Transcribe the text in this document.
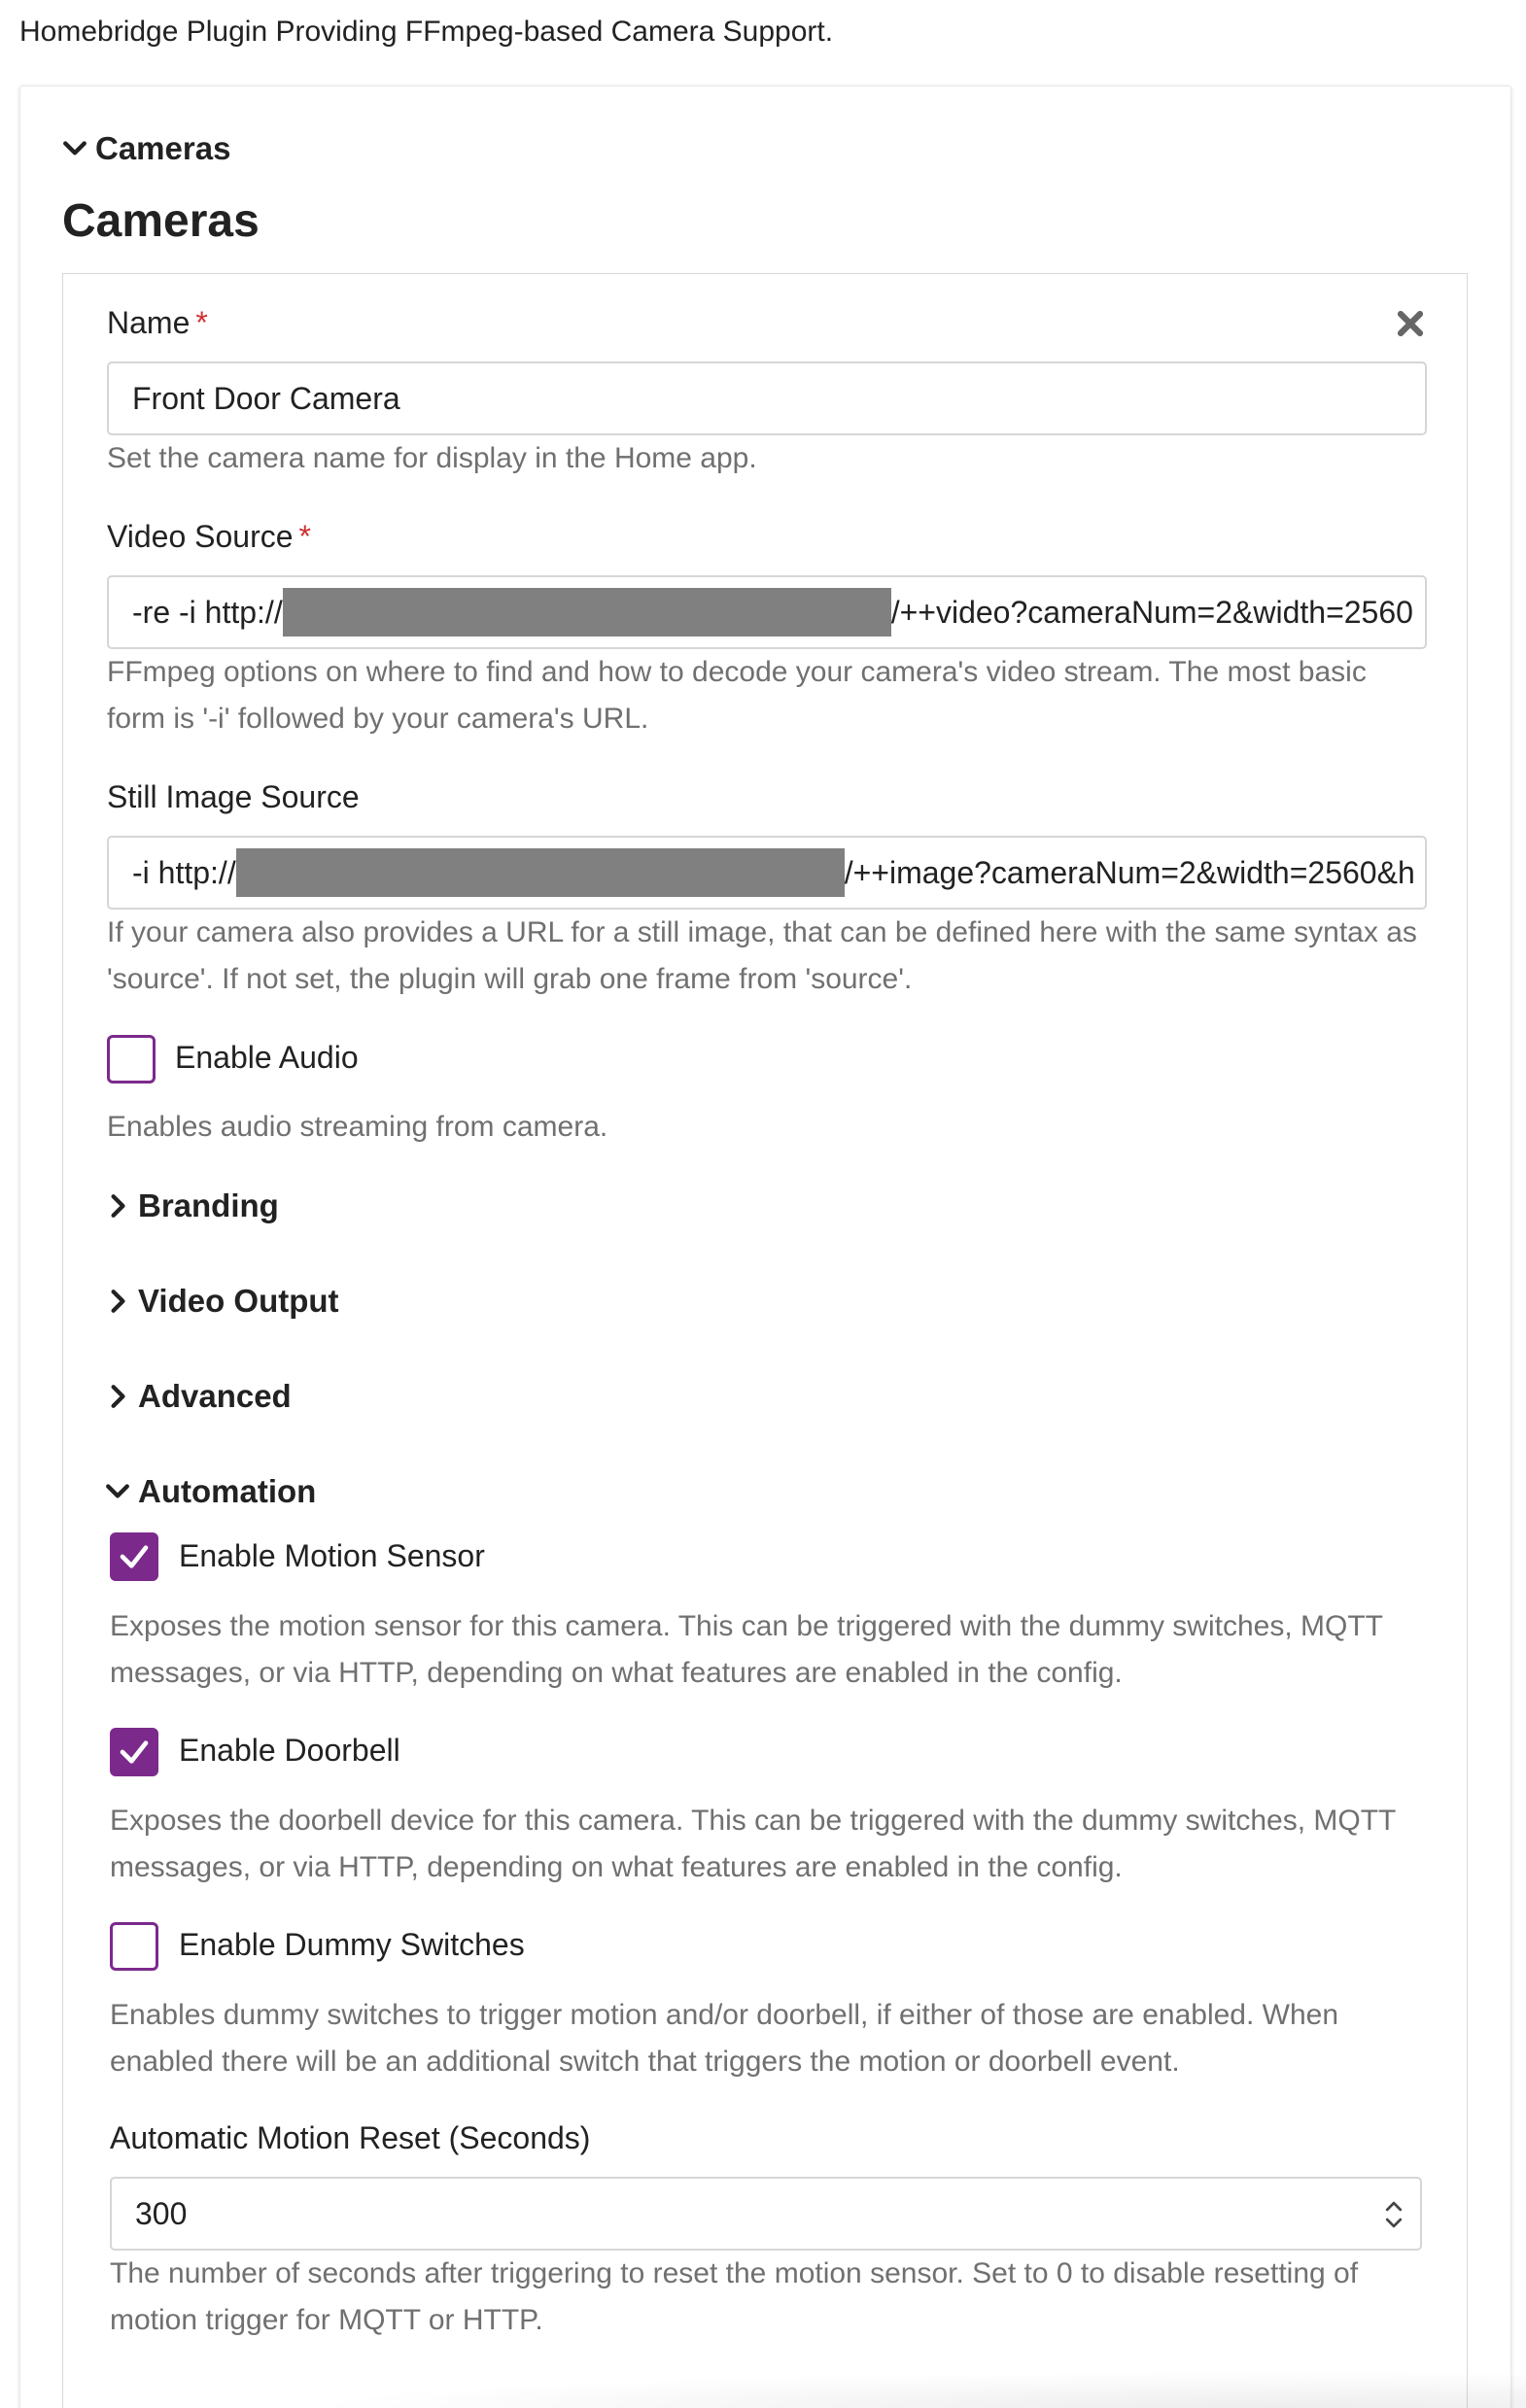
Homebridge Plugin Providing FFmpeg-based Camera Support.
Cameras
Cameras
Name *
Front Door Camera
Set the camera name for display in the Home app.
Video Source *
-re -i http://	/++video?cameraNum=2&width=2560
FFmpeg options on where to find and how to decode your camera's video stream. The most basic form is '-i' followed by your camera's URL.
Still Image Source
-i http://	/++image?cameraNum=2&width=2560&h
If your camera also provides a URL for a still image, that can be defined here with the same syntax as 'source'. If not set, the plugin will grab one frame from 'source'.
Enable Audio
Enables audio streaming from camera.
Branding
Video Output
Advanced
Automation
Enable Motion Sensor
Exposes the motion sensor for this camera. This can be triggered with the dummy switches, MQTT messages, or via HTTP, depending on what features are enabled in the config.
Enable Doorbell
Exposes the doorbell device for this camera. This can be triggered with the dummy switches, MQTT messages, or via HTTP, depending on what features are enabled in the config.
Enable Dummy Switches
Enables dummy switches to trigger motion and/or doorbell, if either of those are enabled. When enabled there will be an additional switch that triggers the motion or doorbell event.
Automatic Motion Reset (Seconds)
300
The number of seconds after triggering to reset the motion sensor. Set to 0 to disable resetting of motion trigger for MQTT or HTTP.
